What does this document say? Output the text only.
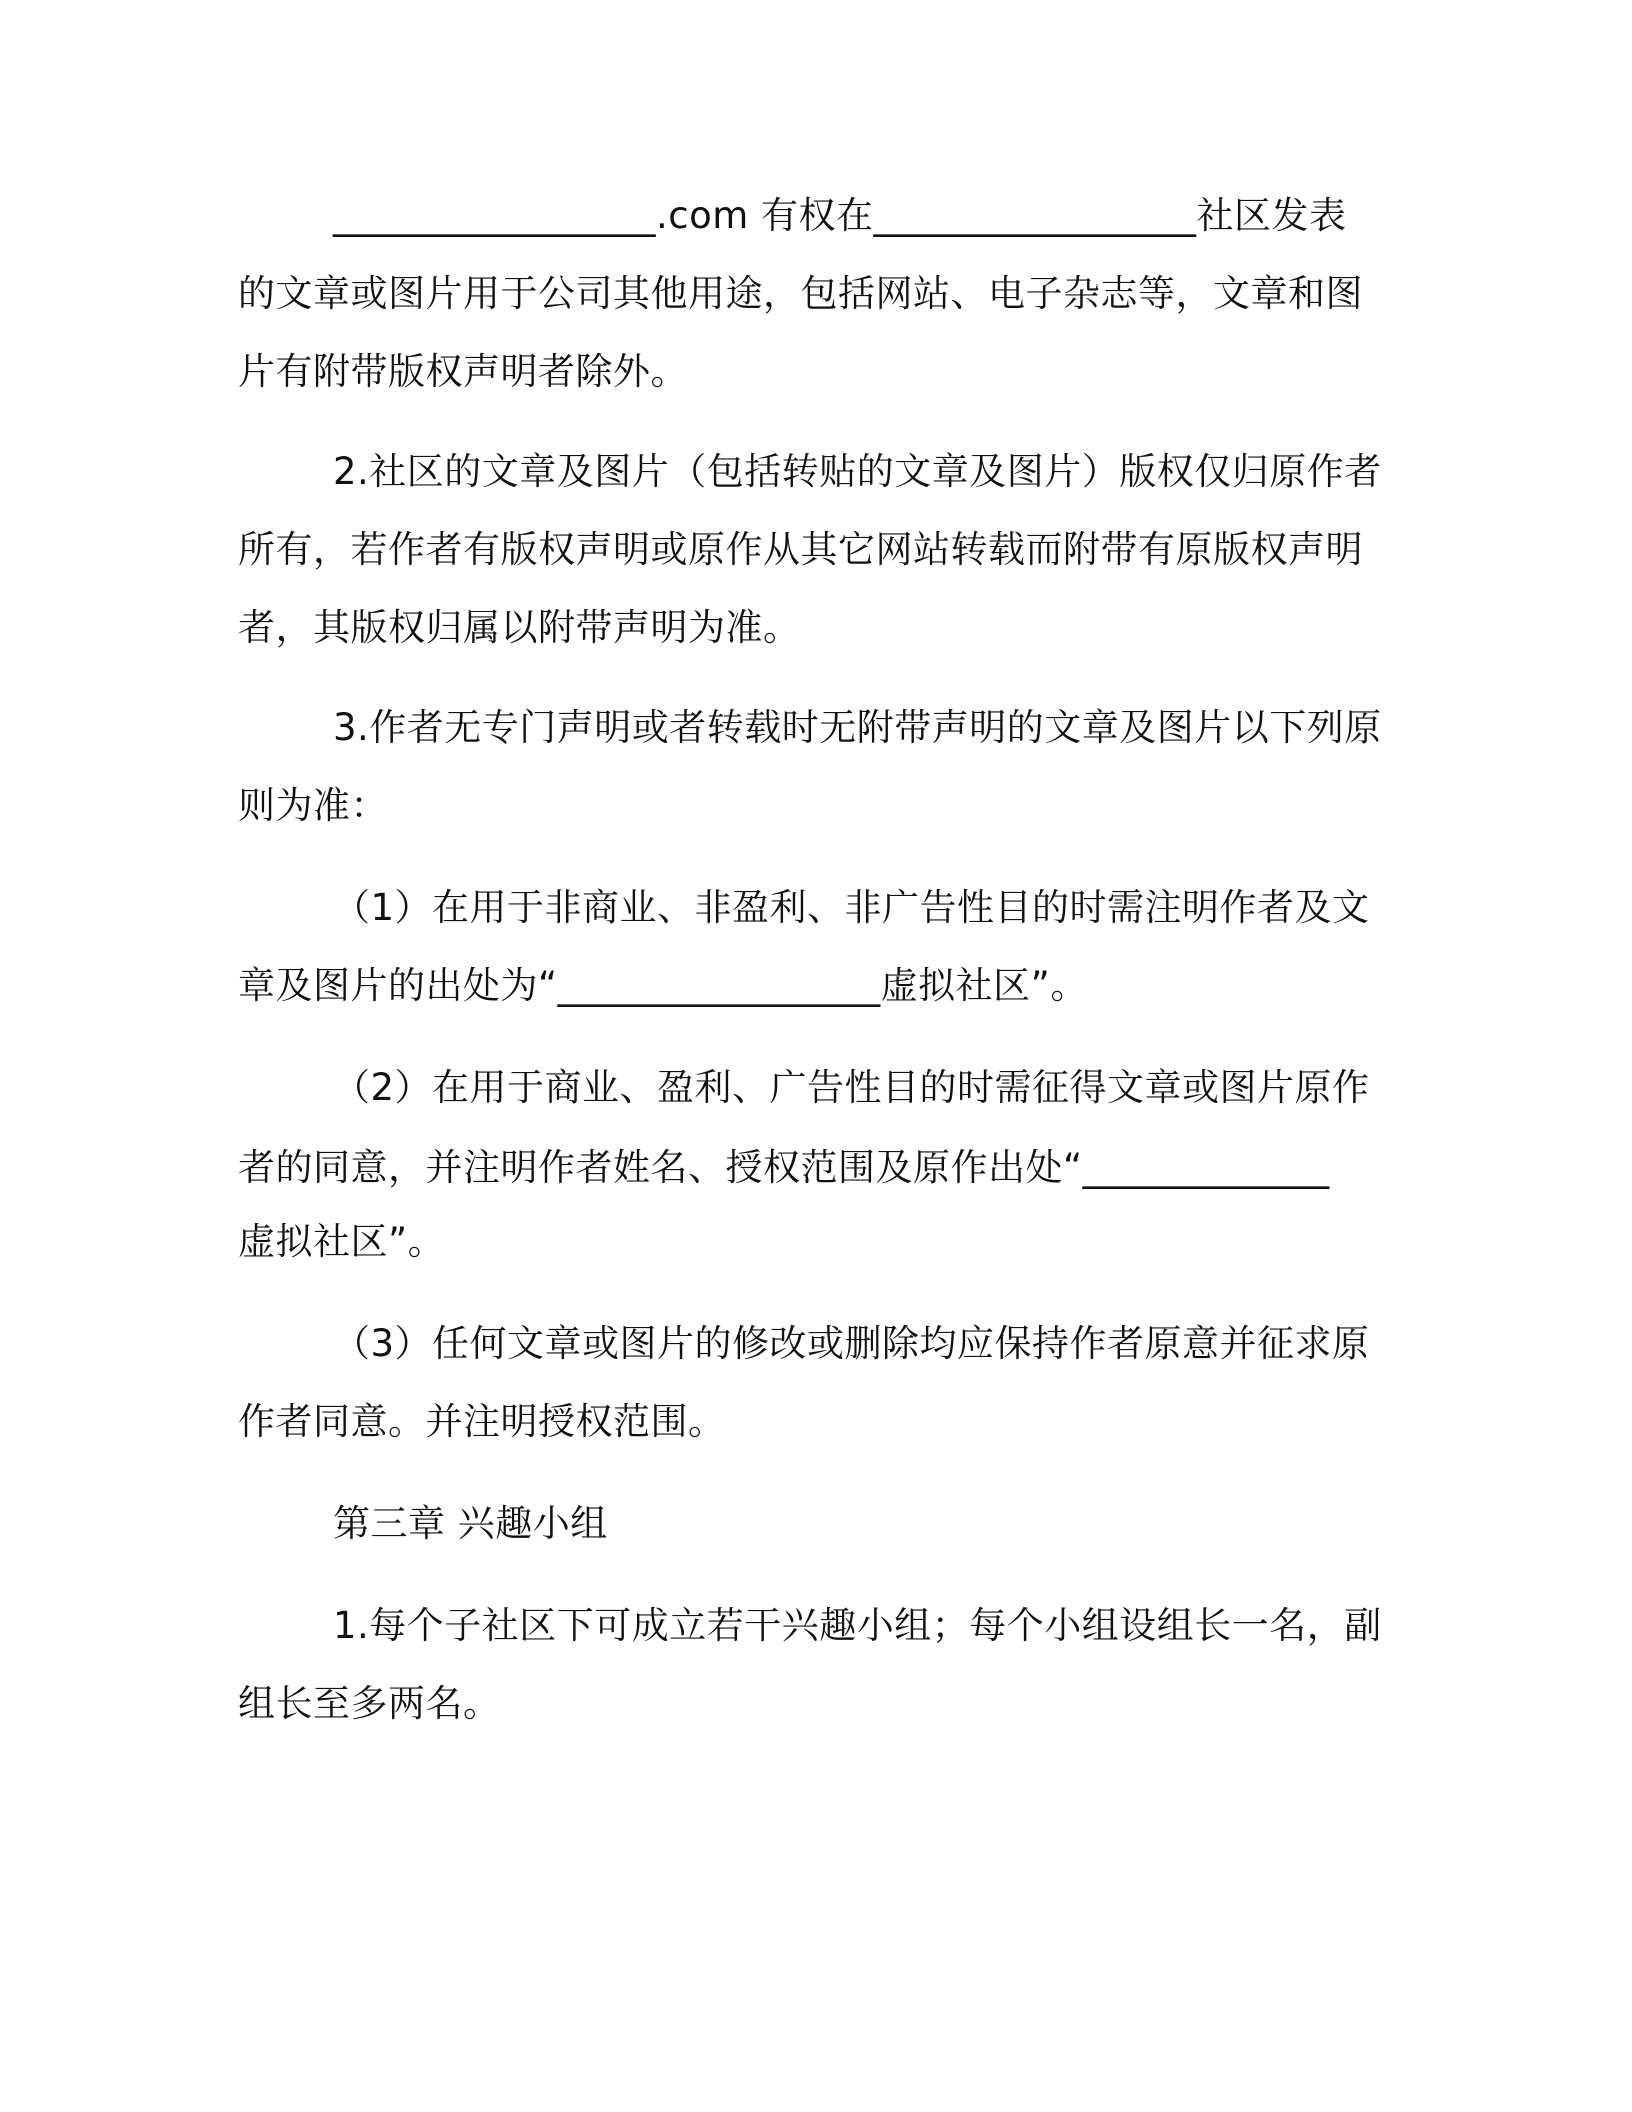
_________________.com 有权在_________________社区发表
的文章或图片用于公司其他用途，包括网站、电子杂志等，文章和图
片有附带版权声明者除外。
2.社区的文章及图片（包括转贴的文章及图片）版权仅归原作者
所有，若作者有版权声明或原作从其它网站转载而附带有原版权声明
者，其版权归属以附带声明为准。
3.作者无专门声明或者转载时无附带声明的文章及图片以下列原
则为准：
（1）在用于非商业、非盈利、非广告性目的时需注明作者及文
章及图片的出处为“_________________虚拟社区”。
（2）在用于商业、盈利、广告性目的时需征得文章或图片原作
者的同意，并注明作者姓名、授权范围及原作出处“_____________
虚拟社区”。
（3）任何文章或图片的修改或删除均应保持作者原意并征求原
作者同意。并注明授权范围。
第三章 兴趣小组
1.每个子社区下可成立若干兴趣小组；每个小组设组长一名，副
组长至多两名。
